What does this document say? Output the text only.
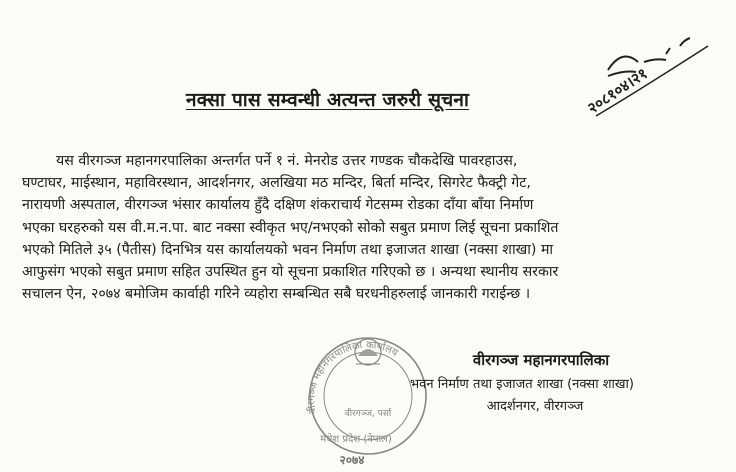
२०८१०४।२१
नक्सा पास सम्वन्धी अत्यन्त जरुरी सूचना
यस वीरगञ्ज महानगरपालिका अन्तर्गत पर्ने १ नं. मेनरोड उत्तर गण्डक चौकदेखि पावरहाउस,
घण्टाघर, माईस्थान, महाविरस्थान, आदर्शनगर, अलखिया मठ मन्दिर, बिर्ता मन्दिर, सिगरेट फैक्ट्री गेट,
नारायणी अस्पताल, वीरगञ्ज भंसार कार्यालय हुँदै दक्षिण शंकराचार्य गेटसम्म रोडका दाँया बाँया निर्माण
भएका घरहरुको यस वी.म.न.पा. बाट नक्सा स्वीकृत भए/नभएको सोको सबुत प्रमाण लिई सूचना प्रकाशित
भएको मितिले ३५ (पैतीस) दिनभित्र यस कार्यालयको भवन निर्माण तथा इजाजत शाखा (नक्सा शाखा) मा
आफुसंग भएको सबुत प्रमाण सहित उपस्थित हुन यो सूचना प्रकाशित गरिएको छ । अन्यथा स्थानीय सरकार
सचालन ऐन, २०७४ बमोजिम कार्वाही गरिने व्यहोरा सम्बन्धित सबै घरधनीहरुलाई जानकारी गराईन्छ ।
वीरगञ्ज महानगरपालिका कार्यालय
वीरगञ्ज, पर्सा
मधेश प्रदेश (नेपाल)
२०७४
वीरगञ्ज महानगरपालिका
भवन निर्माण तथा इजाजत शाखा (नक्सा शाखा)
आदर्शनगर, वीरगञ्ज
